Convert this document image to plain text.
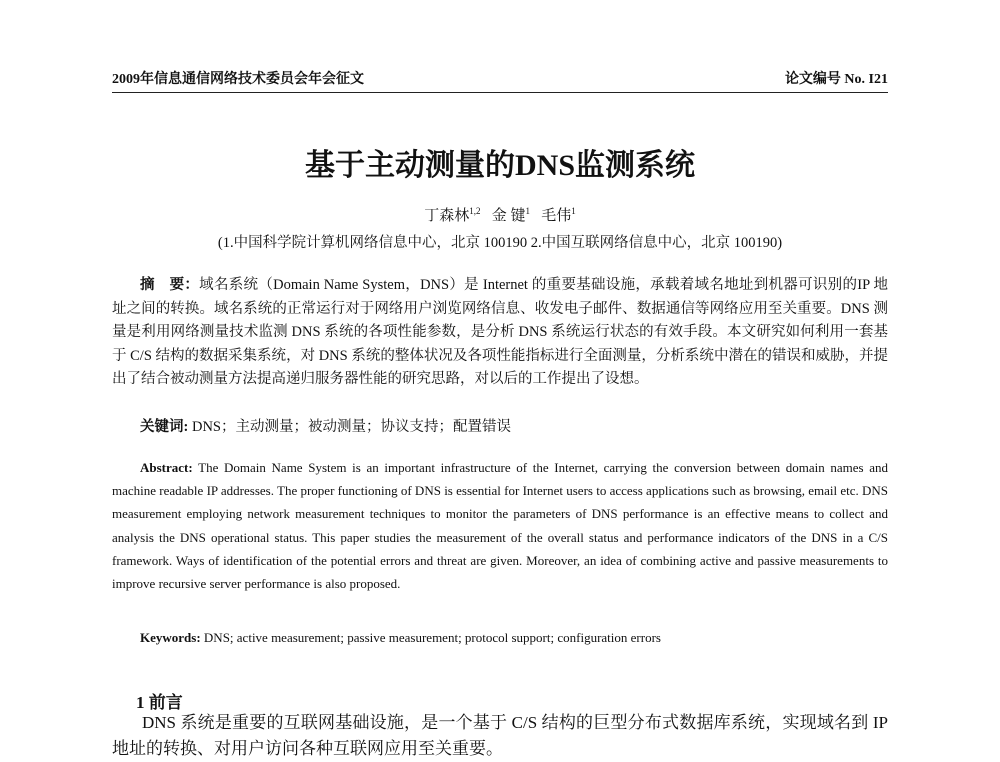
2009年信息通信网络技术委员会年会征文	论文编号 No. I21
基于主动测量的DNS监测系统
丁森林$^{1,2}$ 金 键$^1$ 毛伟$^1$
(1.中国科学院计算机网络信息中心，北京 100190 2.中国互联网络信息中心，北京 100190)

摘　要：域名系统（Domain Name System，DNS）是 Internet 的重要基础设施，承载着域名地址到机器可识别的IP 地址之间的转换。域名系统的正常运行对于网络用户浏览网络信息、收发电子邮件、数据通信等网络应用至关重要。DNS 测量是利用网络测量技术监测 DNS 系统的各项性能参数，是分析 DNS 系统运行状态的有效手段。本文研究如何利用一套基于 C/S 结构的数据采集系统，对 DNS 系统的整体状况及各项性能指标进行全面测量，分析系统中潜在的错误和威胁，并提出了结合被动测量方法提高递归服务器性能的研究思路，对以后的工作提出了设想。

关键词: DNS；主动测量；被动测量；协议支持；配置错误

Abstract: The Domain Name System is an important infrastructure of the Internet, carrying the conversion between domain names and machine readable IP addresses. The proper functioning of DNS is essential for Internet users to access applications such as browsing, email etc. DNS measurement employing network measurement techniques to monitor the parameters of DNS performance is an effective means to collect and analysis the DNS operational status. This paper studies the measurement of the overall status and performance indicators of the DNS in a C/S framework. Ways of identification of the potential errors and threat are given. Moreover, an idea of combining active and passive measurements to improve recursive server performance is also proposed.

Keywords: DNS; active measurement; passive measurement; protocol support; configuration errors
1 前言

DNS 系统是重要的互联网基础设施，是一个基于 C/S 结构的巨型分布式数据库系统，实现域名到 IP 地址的转换、对用户访问各种互联网应用至关重要。
